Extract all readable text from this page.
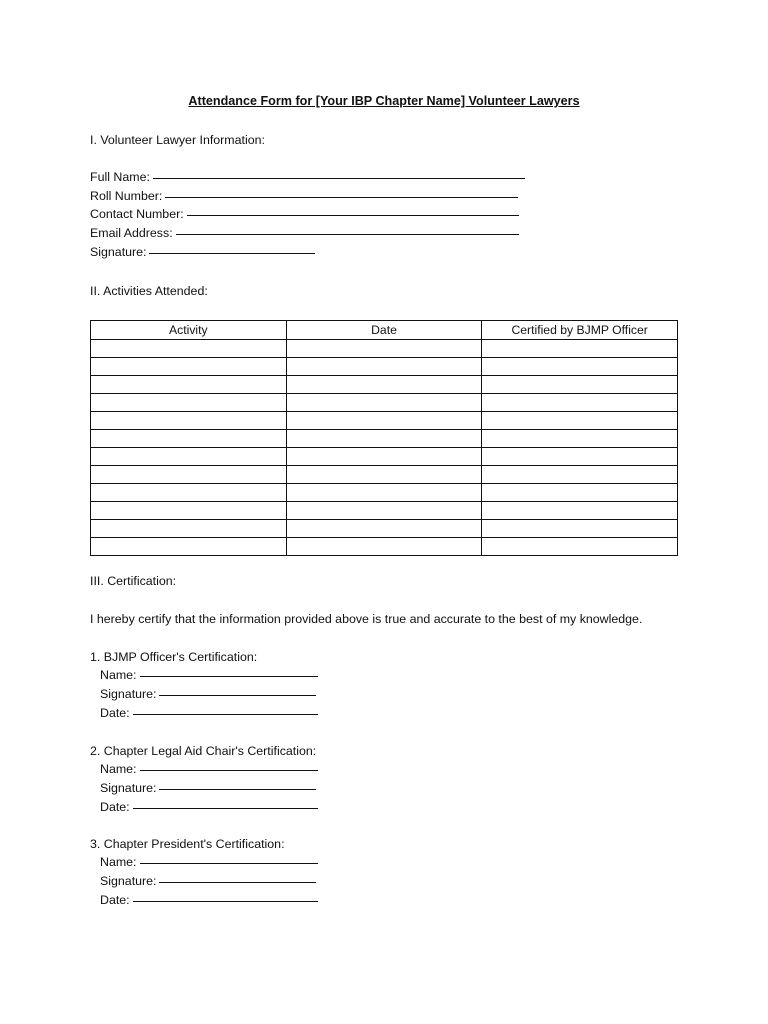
Attendance Form for [Your IBP Chapter Name] Volunteer Lawyers
I. Volunteer Lawyer Information:
Full Name:
Roll Number:
Contact Number:
Email Address:
Signature:
II. Activities Attended:
Activity	Date	Certified by BJMP Officer

III. Certification:
I hereby certify that the information provided above is true and accurate to the best of my knowledge.
1. BJMP Officer's Certification:
Name:
Signature:
Date:
2. Chapter Legal Aid Chair's Certification:
Name:
Signature:
Date:
3. Chapter President's Certification:
Name:
Signature:
Date:
